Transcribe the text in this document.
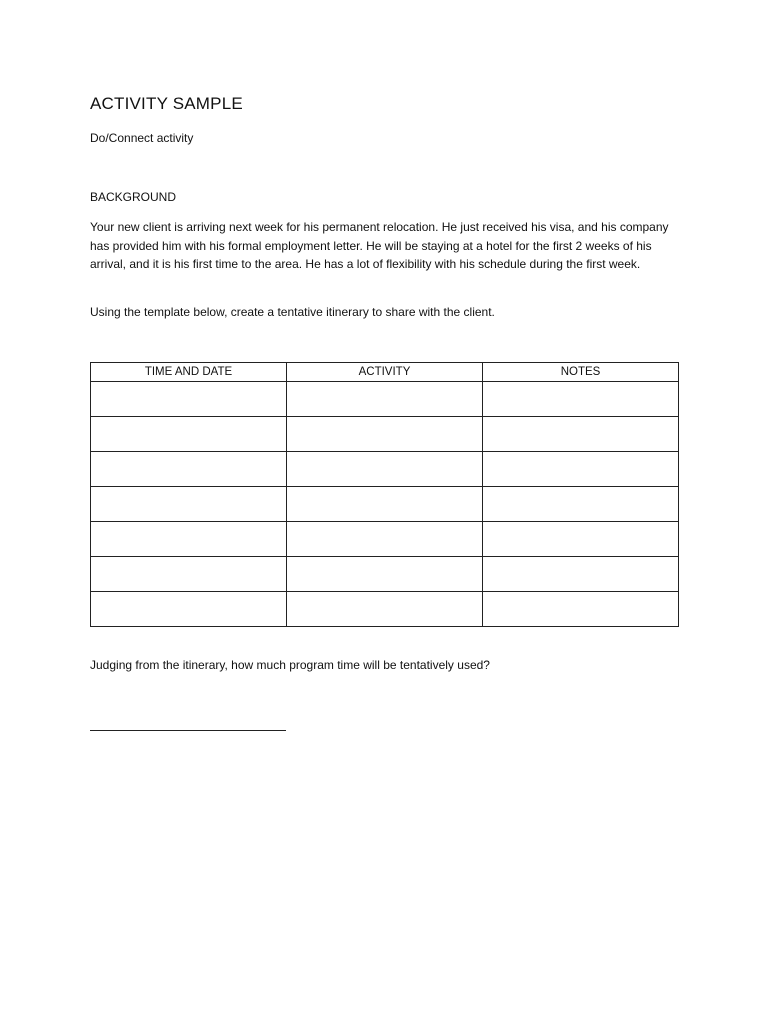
ACTIVITY SAMPLE
Do/Connect activity
BACKGROUND

Your new client is arriving next week for his permanent relocation. He just received his visa, and his company has provided him with his formal employment letter. He will be staying at a hotel for the first 2 weeks of his arrival, and it is his first time to the area. He has a lot of flexibility with his schedule during the first week.

Using the template below, create a tentative itinerary to share with the client.

TIME AND DATE	ACTIVITY	NOTES

Judging from the itinerary, how much program time will be tentatively used?
